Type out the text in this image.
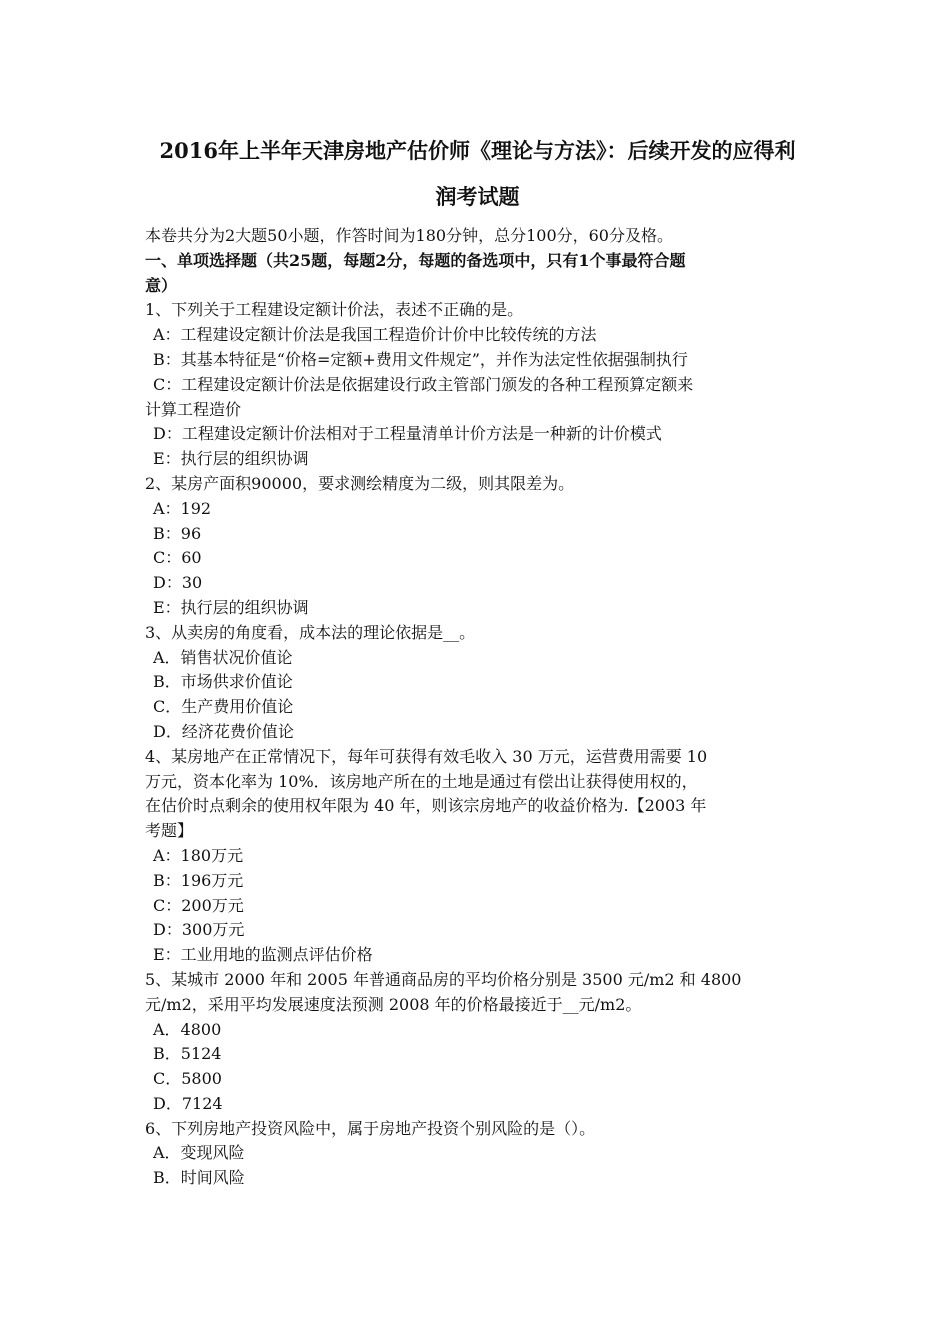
2016年上半年天津房地产估价师《理论与方法》：后续开发的应得利
润考试题
本卷共分为2大题50小题，作答时间为180分钟，总分100分，60分及格。
一、单项选择题（共25题，每题2分，每题的备选项中，只有1个事最符合题
意）

1、下列关于工程建设定额计价法，表述不正确的是。

A：工程建设定额计价法是我国工程造价计价中比较传统的方法

B：其基本特征是“价格=定额+费用文件规定”，并作为法定性依据强制执行

C：工程建设定额计价法是依据建设行政主管部门颁发的各种工程预算定额来

计算工程造价

D：工程建设定额计价法相对于工程量清单计价方法是一种新的计价模式

E：执行层的组织协调

2、某房产面积90000，要求测绘精度为二级，则其限差为。

A：192

B：96

C：60

D：30

E：执行层的组织协调

3、从卖房的角度看，成本法的理论依据是__。

A．销售状况价值论

B．市场供求价值论

C．生产费用价值论

D．经济花费价值论

4、某房地产在正常情况下，每年可获得有效毛收入 30 万元，运营费用需要 10

万元，资本化率为 10%．该房地产所在的土地是通过有偿出让获得使用权的，

在估价时点剩余的使用权年限为 40 年，则该宗房地产的收益价格为.【2003 年

考题】

A：180万元

B：196万元

C：200万元

D：300万元

E：工业用地的监测点评估价格

5、某城市 2000 年和 2005 年普通商品房的平均价格分别是 3500 元/m2 和 4800

元/m2，采用平均发展速度法预测 2008 年的价格最接近于__元/m2。

A．4800

B．5124

C．5800

D．7124

6、下列房地产投资风险中，属于房地产投资个别风险的是（）。

A．变现风险

B．时间风险
